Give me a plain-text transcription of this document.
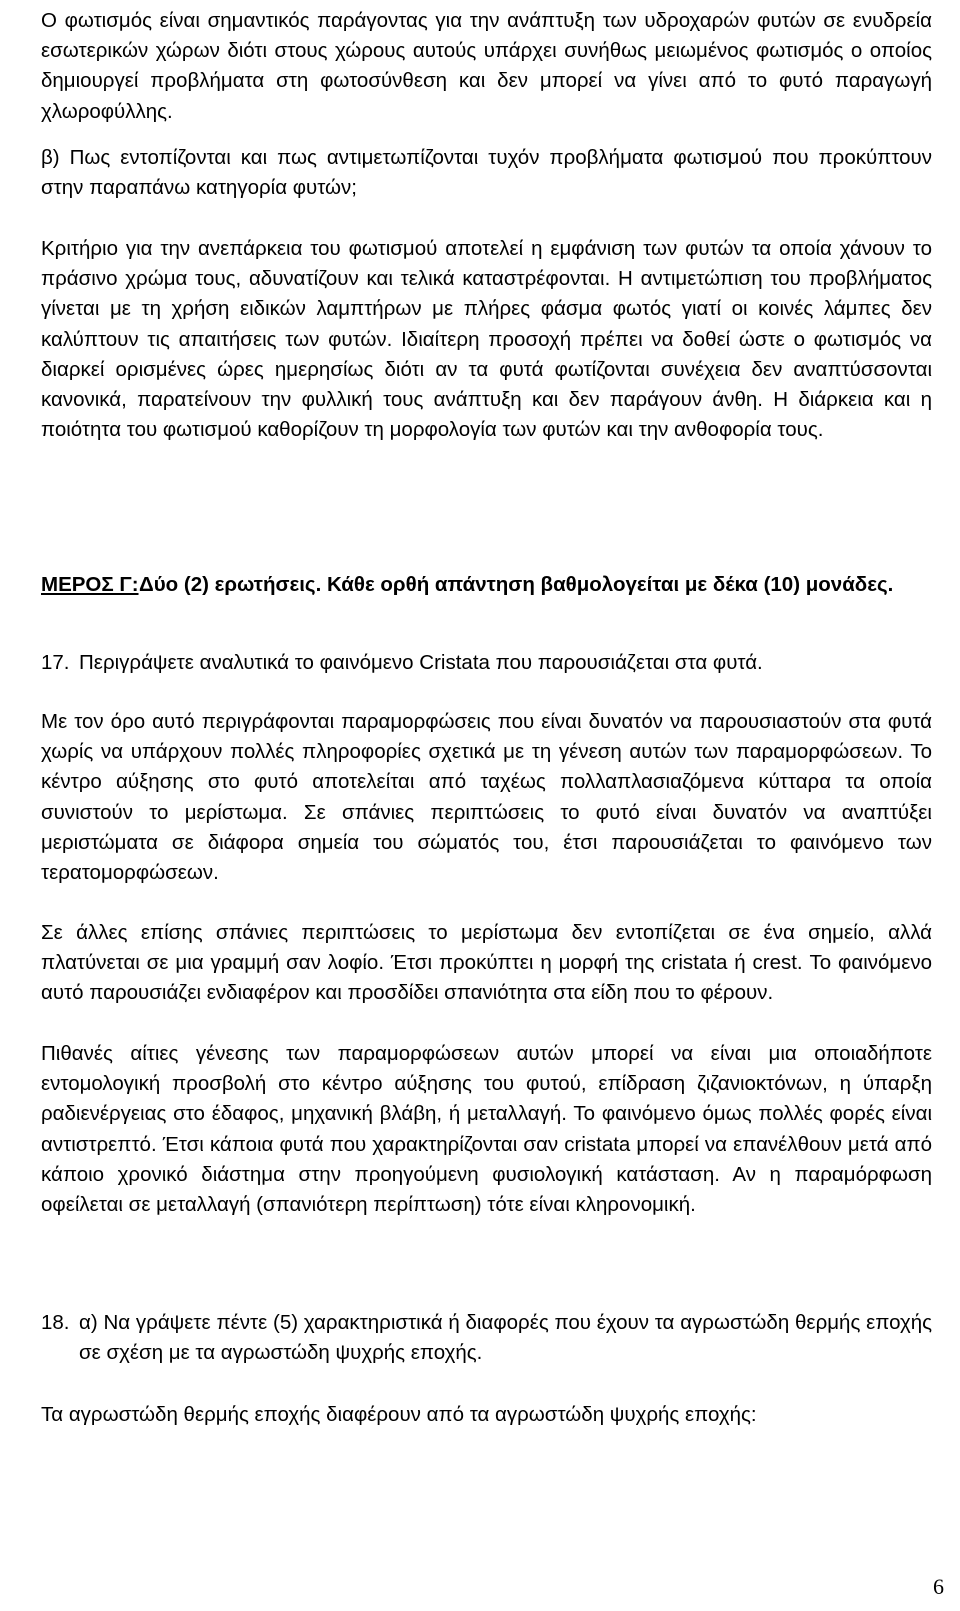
Ο φωτισμός είναι σημαντικός παράγοντας για την ανάπτυξη των υδροχαρών φυτών σε ενυδρεία εσωτερικών χώρων διότι στους χώρους αυτούς υπάρχει συνήθως μειωμένος φωτισμός ο οποίος δημιουργεί προβλήματα στη φωτοσύνθεση και δεν μπορεί να γίνει από το φυτό παραγωγή χλωροφύλλης.

β) Πως εντοπίζονται και πως αντιμετωπίζονται τυχόν προβλήματα φωτισμού που προκύπτουν στην παραπάνω κατηγορία φυτών;

Κριτήριο για την ανεπάρκεια του φωτισμού αποτελεί η εμφάνιση των φυτών τα οποία χάνουν το πράσινο χρώμα τους, αδυνατίζουν και τελικά καταστρέφονται. Η αντιμετώπιση του προβλήματος γίνεται με τη χρήση ειδικών λαμπτήρων με πλήρες φάσμα φωτός γιατί οι κοινές λάμπες δεν καλύπτουν τις απαιτήσεις των φυτών. Ιδιαίτερη προσοχή πρέπει να δοθεί ώστε ο φωτισμός να διαρκεί ορισμένες ώρες ημερησίως διότι αν τα φυτά φωτίζονται συνέχεια δεν αναπτύσσονται κανονικά, παρατείνουν την φυλλική τους ανάπτυξη και δεν παράγουν άνθη. Η διάρκεια και η ποιότητα του φωτισμού καθορίζουν τη μορφολογία των φυτών και την ανθοφορία τους.

ΜΕΡΟΣ Γ: Δύο (2) ερωτήσεις. Κάθε ορθή απάντηση βαθμολογείται με δέκα (10) μονάδες.
17. Περιγράψετε αναλυτικά το φαινόμενο Cristata που παρουσιάζεται στα φυτά.

Με τον όρο αυτό περιγράφονται παραμορφώσεις που είναι δυνατόν να παρουσιαστούν στα φυτά χωρίς να υπάρχουν πολλές πληροφορίες σχετικά με τη γένεση αυτών των παραμορφώσεων. Το κέντρο αύξησης στο φυτό αποτελείται από ταχέως πολλαπλασιαζόμενα κύτταρα τα οποία συνιστούν το μερίστωμα. Σε σπάνιες περιπτώσεις το φυτό είναι δυνατόν να αναπτύξει μεριστώματα σε διάφορα σημεία του σώματός του, έτσι παρουσιάζεται το φαινόμενο των τερατομορφώσεων.

Σε άλλες επίσης σπάνιες περιπτώσεις το μερίστωμα δεν εντοπίζεται σε ένα σημείο, αλλά πλατύνεται σε μια γραμμή σαν λοφίο. Έτσι προκύπτει η μορφή της cristata ή crest. Το φαινόμενο αυτό παρουσιάζει ενδιαφέρον και προσδίδει σπανιότητα στα είδη που το φέρουν.

Πιθανές αίτιες γένεσης των παραμορφώσεων αυτών μπορεί να είναι μια οποιαδήποτε εντομολογική προσβολή στο κέντρο αύξησης του φυτού, επίδραση ζιζανιοκτόνων, η ύπαρξη ραδιενέργειας στο έδαφος, μηχανική βλάβη, ή μεταλλαγή. Το φαινόμενο όμως πολλές φορές είναι αντιστρεπτό. Έτσι κάποια φυτά που χαρακτηρίζονται σαν cristata μπορεί να επανέλθουν μετά από κάποιο χρονικό διάστημα στην προηγούμενη φυσιολογική κατάσταση. Αν η παραμόρφωση οφείλεται σε μεταλλαγή (σπανιότερη περίπτωση) τότε είναι κληρονομική.

18. α) Να γράψετε πέντε (5) χαρακτηριστικά ή διαφορές που έχουν τα αγρωστώδη θερμής εποχής σε σχέση με τα αγρωστώδη ψυχρής εποχής.

Τα αγρωστώδη θερμής εποχής διαφέρουν από τα αγρωστώδη ψυχρής εποχής:

6
